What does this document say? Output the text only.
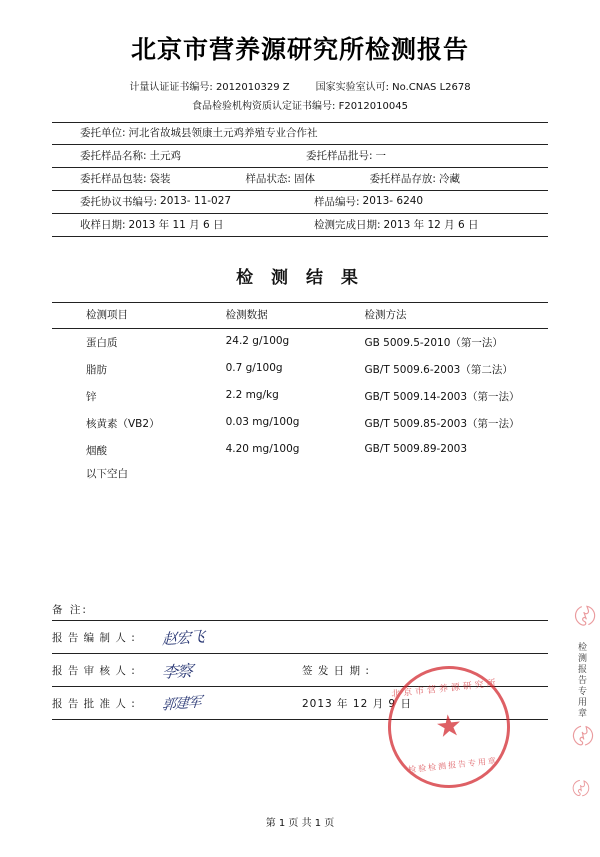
北京市营养源研究所检测报告
计量认证证书编号: 2012010329 Z	国家实验室认可: No.CNAS L2678
食品检验机构资质认定证书编号: F2012010045
委托单位: 河北省故城县领康土元鸡养殖专业合作社
委托样品名称: 土元鸡	委托样品批号: 一
委托样品包装: 袋装	样品状态: 固体	委托样品存放: 冷藏
委托协议书编号: 2013- 11-027	样品编号: 2013- 6240
收样日期: 2013 年 11 月 6 日	检测完成日期: 2013 年 12 月 6 日
检 测 结 果
检测项目	检测数据	检测方法
蛋白质	24.2 g/100g	GB 5009.5-2010（第一法）
脂肪	0.7 g/100g	GB/T 5009.6-2003（第二法）
锌	2.2 mg/kg	GB/T 5009.14-2003（第一法）
核黄素（VB2）	0.03 mg/100g	GB/T 5009.85-2003（第一法）
烟酸	4.20 mg/100g	GB/T 5009.89-2003
以下空白
备 注:
报 告 编 制 人 :	赵宏飞
报 告 审 核 人 :	李察	签 发 日 期 :
报 告 批 准 人 :	郭建军	2013 年 12 月 9 日
北京市营养源研究所
★
检验检测报告专用章
检测报告专用章
〄
〄
〄
第 1 页 共 1 页
